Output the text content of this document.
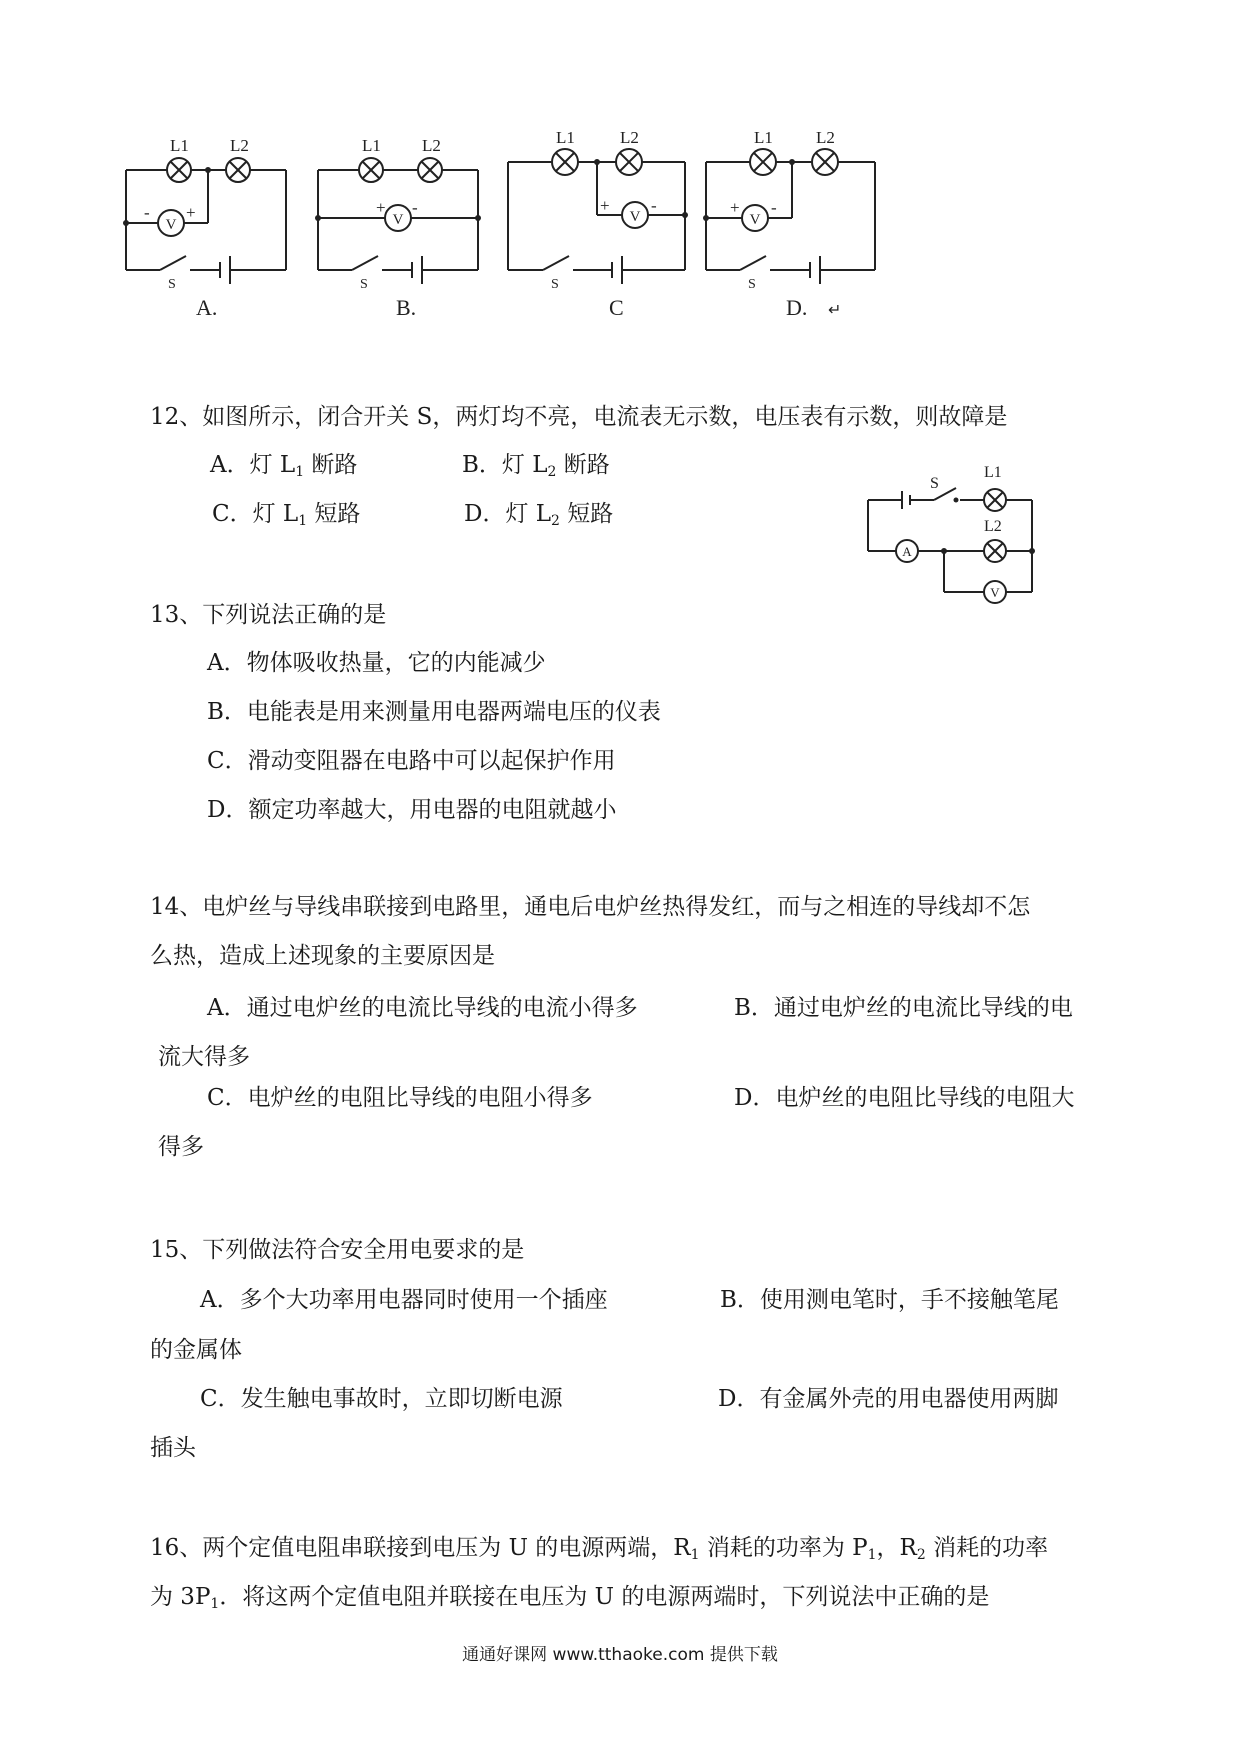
V	V	V	V
L1 L2
- +
S
A.
L1 L2
+ -
S
B.
L1	L2
+ -
S
C
L1	L2
+ -
S
D. ↵
12、如图所示，闭合开关 S，两灯均不亮，电流表无示数，电压表有示数，则故障是
A．灯 $L_1$ 断路	B．灯 $L_2$ 断路
C．灯 $L_1$ 短路	D．灯 $L_2$ 短路
S
L1
L2
A
V
13、下列说法正确的是
A．物体吸收热量，它的内能减少
B．电能表是用来测量用电器两端电压的仪表
C．滑动变阻器在电路中可以起保护作用
D．额定功率越大，用电器的电阻就越小
14、电炉丝与导线串联接到电路里，通电后电炉丝热得发红，而与之相连的导线却不怎
么热，造成上述现象的主要原因是
A．通过电炉丝的电流比导线的电流小得多	B．通过电炉丝的电流比导线的电
流大得多
C．电炉丝的电阻比导线的电阻小得多	D．电炉丝的电阻比导线的电阻大
得多
15、下列做法符合安全用电要求的是
A．多个大功率用电器同时使用一个插座	B．使用测电笔时，手不接触笔尾
的金属体
C．发生触电事故时，立即切断电源	D．有金属外壳的用电器使用两脚
插头
16、两个定值电阻串联接到电压为 U 的电源两端，$R_1$ 消耗的功率为 $P_1$，$R_2$ 消耗的功率
为 $3P_1$．将这两个定值电阻并联接在电压为 U 的电源两端时，下列说法中正确的是
通通好课网 www.tthaoke.com 提供下载
